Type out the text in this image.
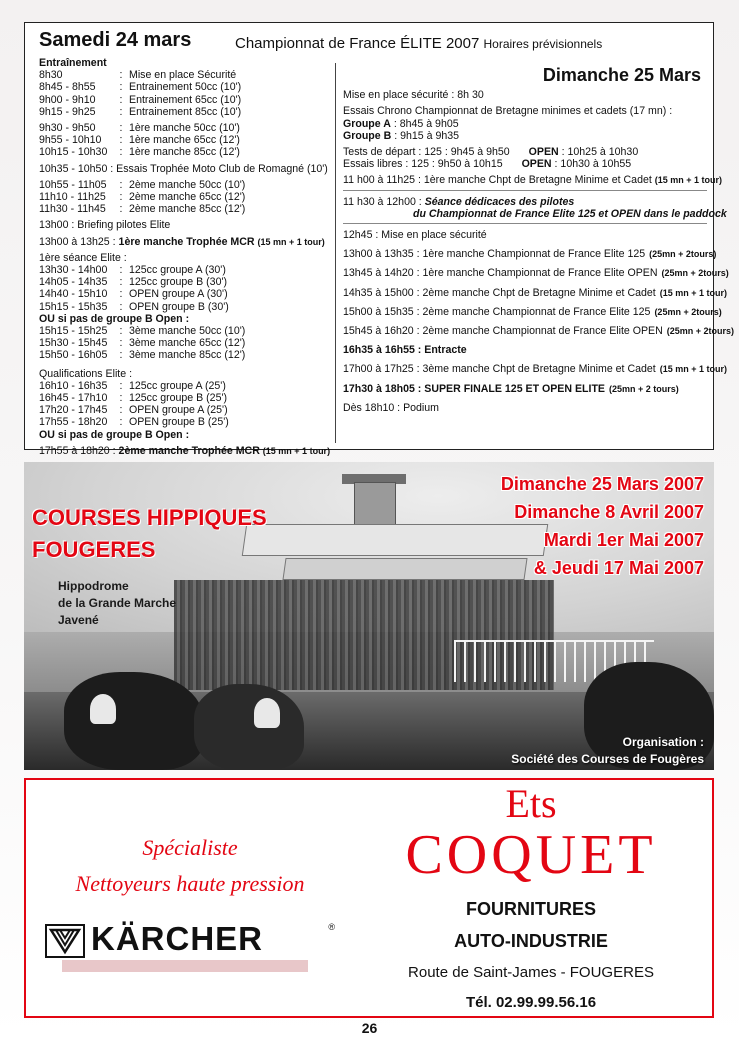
Samedi 24 mars	Championnat de France ÉLITE 2007 Horaires prévisionnels
Entraînement
8h30	: Mise en place Sécurité
8h45 - 8h55 : Entrainement 50cc (10')
9h00 - 9h10 : Entrainement 65cc (10')
9h15 - 9h25 : Entrainement 85cc (10')
9h30 - 9h50 : 1ère manche 50cc (10')
9h55 - 10h10 : 1ère manche 65cc (12')
10h15 - 10h30 : 1ère manche 85cc (12')
10h35 - 10h50 : Essais Trophée Moto Club de Romagné (10')
10h55 - 11h05 : 2ème manche 50cc (10')
11h10 - 11h25 : 2ème manche 65cc (12')
11h30 - 11h45 : 2ème manche 85cc (12')
13h00 : Briefing pilotes Elite
13h00 à 13h25 : 1ère manche Trophée MCR (15 mn + 1 tour)
1ère séance Elite :
13h30 - 14h00 : 125cc groupe A (30')
14h05 - 14h35 : 125cc groupe B (30')
14h40 - 15h10 : OPEN groupe A (30')
15h15 - 15h35 : OPEN groupe B (30')
OU si pas de groupe B Open :
15h15 - 15h25 : 3ème manche 50cc (10')
15h30 - 15h45 : 3ème manche 65cc (12')
15h50 - 16h05 : 3ème manche 85cc (12')
Qualifications Elite :
16h10 - 16h35 : 125cc groupe A (25')
16h45 - 17h10 : 125cc groupe B (25')
17h20 - 17h45 : OPEN groupe A (25')
17h55 - 18h20 : OPEN groupe B (25')
OU si pas de groupe B Open :
17h55 à 18h20 : 2ème manche Trophée MCR (15 mn + 1 tour)
Dimanche 25 Mars
Mise en place sécurité : 8h 30
Essais Chrono Championnat de Bretagne minimes et cadets (17 mn) :
Groupe A : 8h45 à 9h05
Groupe B : 9h15 à 9h35
Tests de départ : 125 : 9h45 à 9h50 OPEN : 10h25 à 10h30
Essais libres : 125 : 9h50 à 10h15 OPEN : 10h30 à 10h55
11 h00 à 11h25 : 1ère manche Chpt de Bretagne Minime et Cadet (15 mn + 1 tour)
11 h30 à 12h00 : Séance dédicaces des pilotes
du Championnat de France Elite 125 et OPEN dans le paddock
12h45 : Mise en place sécurité
13h00 à 13h35 : 1ère manche Championnat de France Elite 125 (25mn + 2tours)
13h45 à 14h20 : 1ère manche Championnat de France Elite OPEN (25mn + 2tours)
14h35 à 15h00 : 2ème manche Chpt de Bretagne Minime et Cadet (15 mn + 1 tour)
15h00 à 15h35 : 2ème manche Championnat de France Elite 125 (25mn + 2tours)
15h45 à 16h20 : 2ème manche Championnat de France Elite OPEN (25mn + 2tours)
16h35 à 16h55 : Entracte
17h00 à 17h25 : 3ème manche Chpt de Bretagne Minime et Cadet (15 mn + 1 tour)
17h30 à 18h05 : SUPER FINALE 125 ET OPEN ELITE (25mn + 2 tours)
Dès 18h10 : Podium
COURSES HIPPIQUES
FOUGERES
Hippodrome
de la Grande Marche
Javené
Dimanche 25 Mars 2007
Dimanche 8 Avril 2007
Mardi 1er Mai 2007
& Jeudi 17 Mai 2007
Organisation :
Société des Courses de Fougères
Spécialiste
Nettoyeurs haute pression
KÄRCHER	®
Ets
COQUET
FOURNITURES
AUTO-INDUSTRIE
Route de Saint-James - FOUGERES
Tél. 02.99.99.56.16
26
